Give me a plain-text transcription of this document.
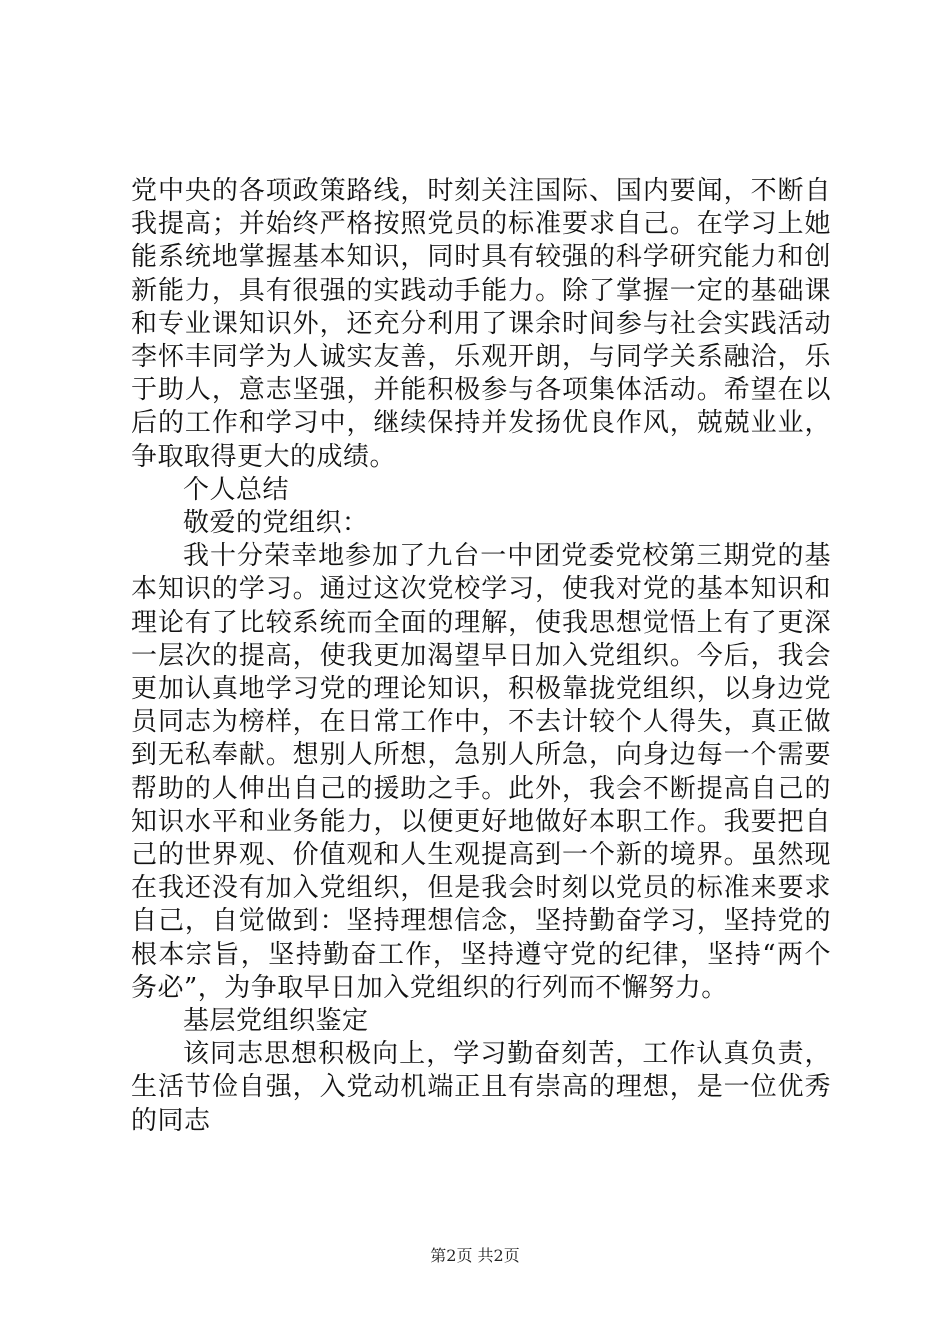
党中央的各项政策路线，时刻关注国际、国内要闻，不断自我提高；并始终严格按照党员的标准要求自己。在学习上她能系统地掌握基本知识，同时具有较强的科学研究能力和创新能力，具有很强的实践动手能力。除了掌握一定的基础课和专业课知识外，还充分利用了课余时间参与社会实践活动李怀丰同学为人诚实友善，乐观开朗，与同学关系融洽，乐于助人，意志坚强，并能积极参与各项集体活动。希望在以后的工作和学习中，继续保持并发扬优良作风，兢兢业业，争取取得更大的成绩。

个人总结

敬爱的党组织：

我十分荣幸地参加了九台一中团党委党校第三期党的基本知识的学习。通过这次党校学习，使我对党的基本知识和理论有了比较系统而全面的理解，使我思想觉悟上有了更深一层次的提高，使我更加渴望早日加入党组织。今后，我会更加认真地学习党的理论知识，积极靠拢党组织，以身边党员同志为榜样，在日常工作中，不去计较个人得失，真正做到无私奉献。想别人所想，急别人所急，向身边每一个需要帮助的人伸出自己的援助之手。此外，我会不断提高自己的知识水平和业务能力，以便更好地做好本职工作。我要把自己的世界观、价值观和人生观提高到一个新的境界。虽然现在我还没有加入党组织，但是我会时刻以党员的标准来要求自己，自觉做到：坚持理想信念，坚持勤奋学习，坚持党的根本宗旨，坚持勤奋工作，坚持遵守党的纪律，坚持“两个务必”，为争取早日加入党组织的行列而不懈努力。

基层党组织鉴定

该同志思想积极向上，学习勤奋刻苦，工作认真负责，生活节俭自强，入党动机端正且有崇高的理想，是一位优秀的同志

第2页 共2页
